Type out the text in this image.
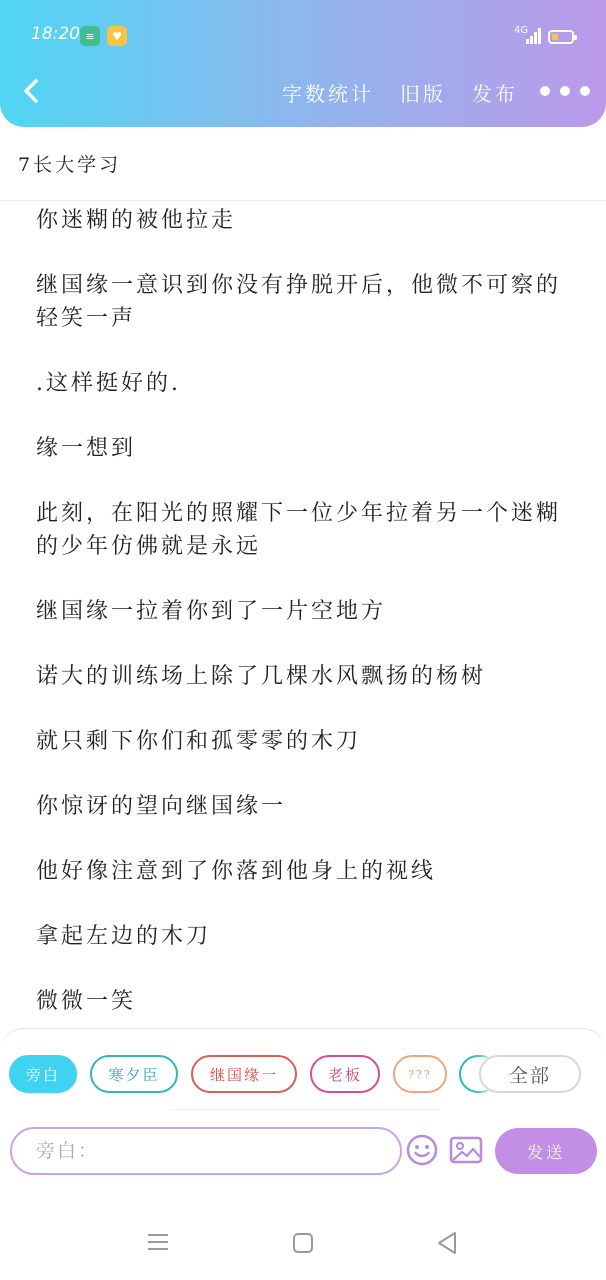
18:20 ≡	♥	4G
字数统计 旧版 发布
7长大学习

你迷糊的被他拉走

继国缘一意识到你没有挣脱开后，他微不可察的轻笑一声

.这样挺好的.

缘一想到

此刻，在阳光的照耀下一位少年拉着另一个迷糊的少年仿佛就是永远

继国缘一拉着你到了一片空地方

诺大的训练场上除了几棵水风飘扬的杨树

就只剩下你们和孤零零的木刀

你惊讶的望向继国缘一

他好像注意到了你落到他身上的视线

拿起左边的木刀

微微一笑

旁白	寒夕臣	继国缘一	老板	???	全部
旁白：
发送
